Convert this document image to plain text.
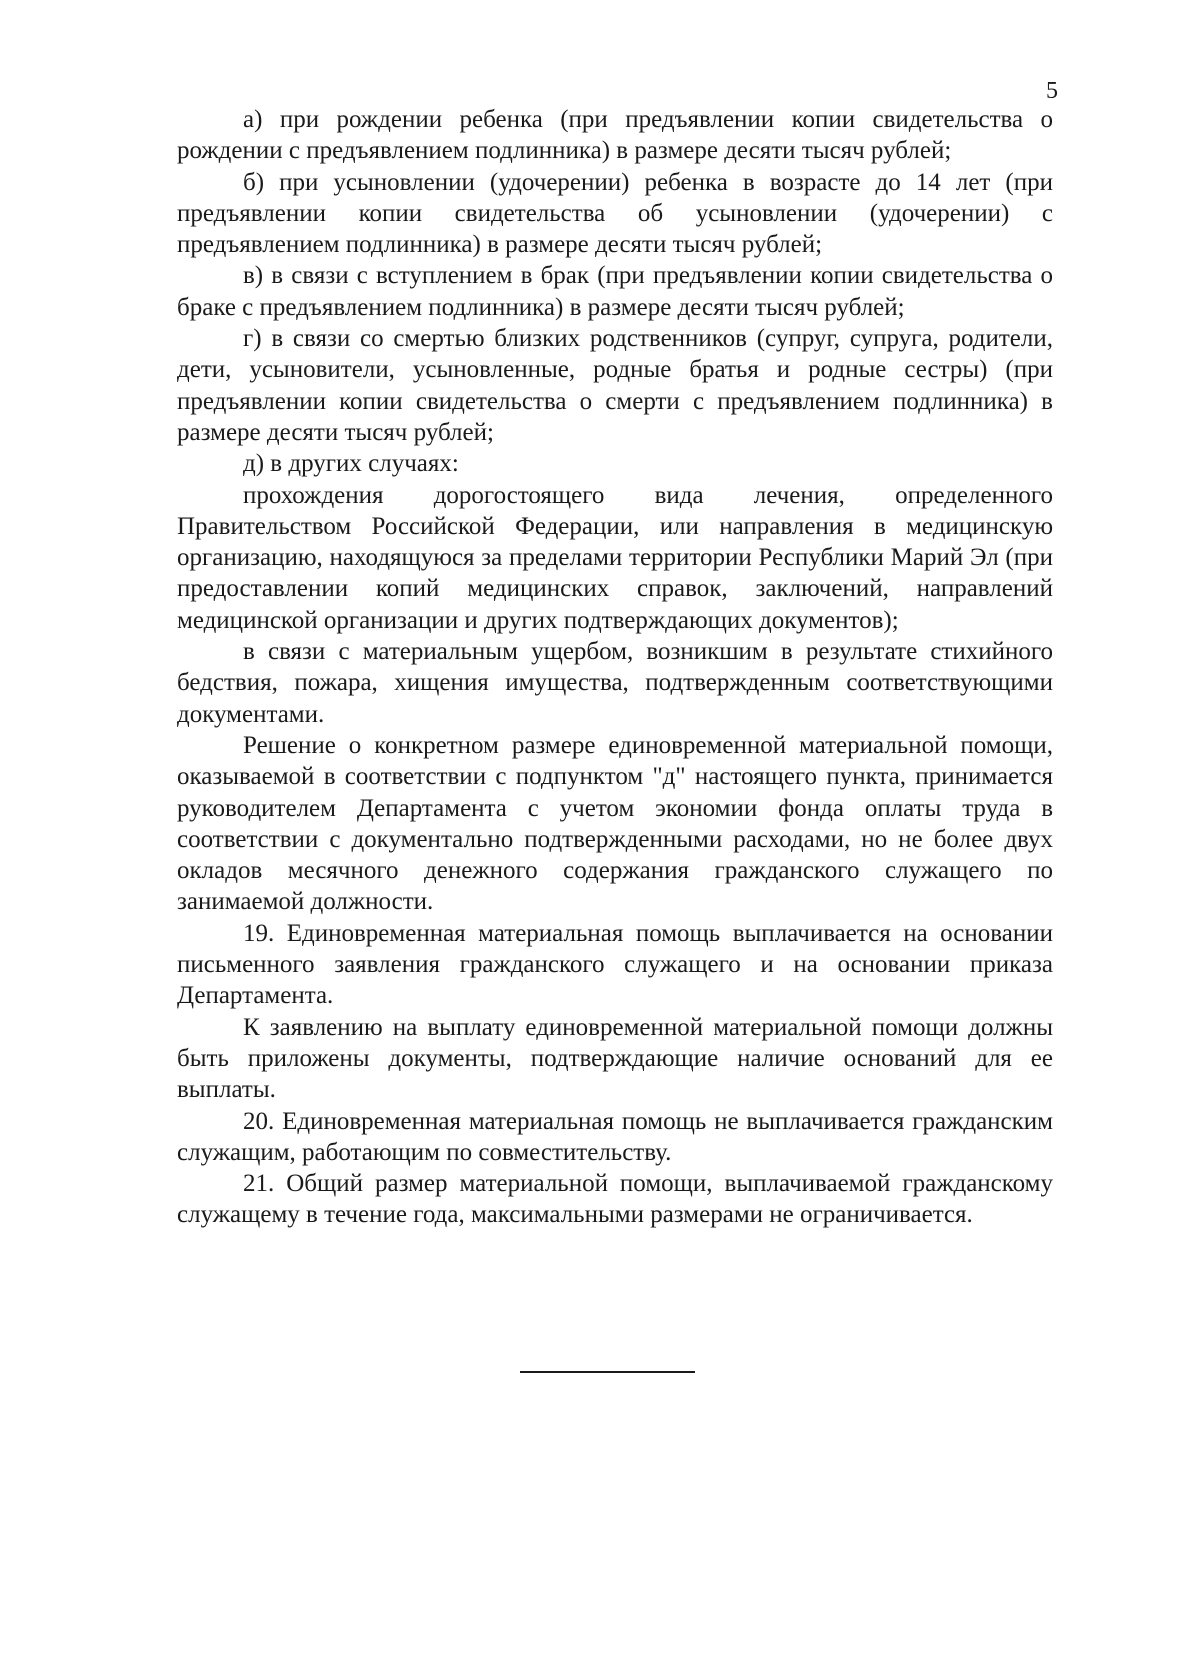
5

а) при рождении ребенка (при предъявлении копии свидетельства о рождении с предъявлением подлинника) в размере десяти тысяч рублей;

б) при усыновлении (удочерении) ребенка в возрасте до 14 лет (при предъявлении копии свидетельства об усыновлении (удочерении) с предъявлением подлинника) в размере десяти тысяч рублей;

в) в связи с вступлением в брак (при предъявлении копии свидетельства о браке с предъявлением подлинника) в размере десяти тысяч рублей;

г) в связи со смертью близких родственников (супруг, супруга, родители, дети, усыновители, усыновленные, родные братья и родные сестры) (при предъявлении копии свидетельства о смерти с предъявлением подлинника) в размере десяти тысяч рублей;

д) в других случаях:

прохождения дорогостоящего вида лечения, определенного Правительством Российской Федерации, или направления в медицинскую организацию, находящуюся за пределами территории Республики Марий Эл (при предоставлении копий медицинских справок, заключений, направлений медицинской организации и других подтверждающих документов);

в связи с материальным ущербом, возникшим в результате стихийного бедствия, пожара, хищения имущества, подтвержденным соответствующими документами.

Решение о конкретном размере единовременной материальной помощи, оказываемой в соответствии с подпунктом "д" настоящего пункта, принимается руководителем Департамента с учетом экономии фонда оплаты труда в соответствии с документально подтвержденными расходами, но не более двух окладов месячного денежного содержания гражданского служащего по занимаемой должности.

19. Единовременная материальная помощь выплачивается на основании письменного заявления гражданского служащего и на основании приказа Департамента.

К заявлению на выплату единовременной материальной помощи должны быть приложены документы, подтверждающие наличие оснований для ее выплаты.

20. Единовременная материальная помощь не выплачивается гражданским служащим, работающим по совместительству.

21. Общий размер материальной помощи, выплачиваемой гражданскому служащему в течение года, максимальными размерами не ограничивается.
